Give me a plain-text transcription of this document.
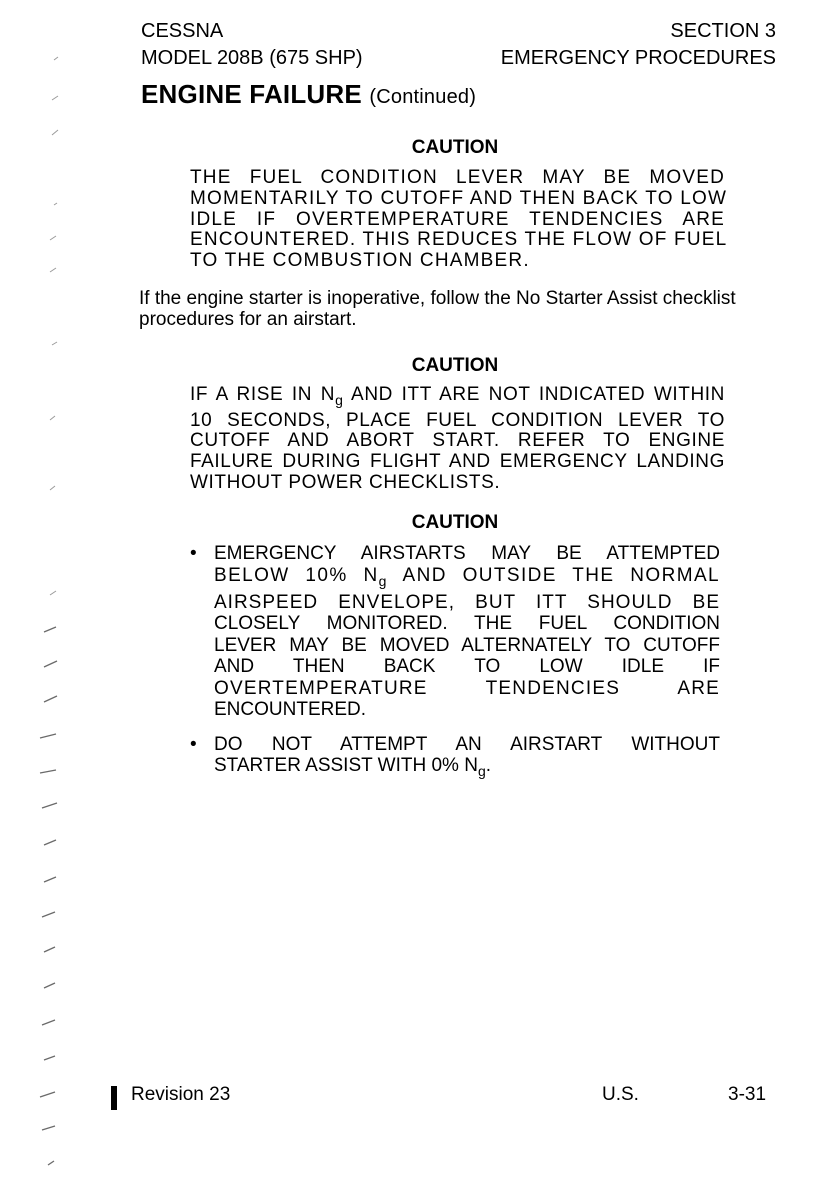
CESSNA
MODEL 208B (675 SHP)
SECTION 3
EMERGENCY PROCEDURES
ENGINE FAILURE (Continued)
CAUTION
THE FUEL CONDITION LEVER MAY BE MOVED
MOMENTARILY TO CUTOFF AND THEN BACK TO LOW
IDLE IF OVERTEMPERATURE TENDENCIES ARE
ENCOUNTERED. THIS REDUCES THE FLOW OF FUEL
TO THE COMBUSTION CHAMBER.
If the engine starter is inoperative, follow the No Starter Assist checklist procedures for an airstart.
CAUTION
IF A RISE IN $N_g$ AND ITT ARE NOT INDICATED WITHIN
10 SECONDS, PLACE FUEL CONDITION LEVER TO
CUTOFF AND ABORT START. REFER TO ENGINE
FAILURE DURING FLIGHT AND EMERGENCY LANDING
WITHOUT POWER CHECKLISTS.
CAUTION
• EMERGENCY AIRSTARTS MAY BE ATTEMPTED
BELOW 10% $N_g$ AND OUTSIDE THE NORMAL
AIRSPEED ENVELOPE, BUT ITT SHOULD BE
CLOSELY MONITORED. THE FUEL CONDITION
LEVER MAY BE MOVED ALTERNATELY TO CUTOFF
AND THEN BACK TO LOW IDLE IF
OVERTEMPERATURE TENDENCIES ARE
ENCOUNTERED.
• DO NOT ATTEMPT AN AIRSTART WITHOUT
STARTER ASSIST WITH 0% $N_g$.
Revision 23	U.S.	3-31
